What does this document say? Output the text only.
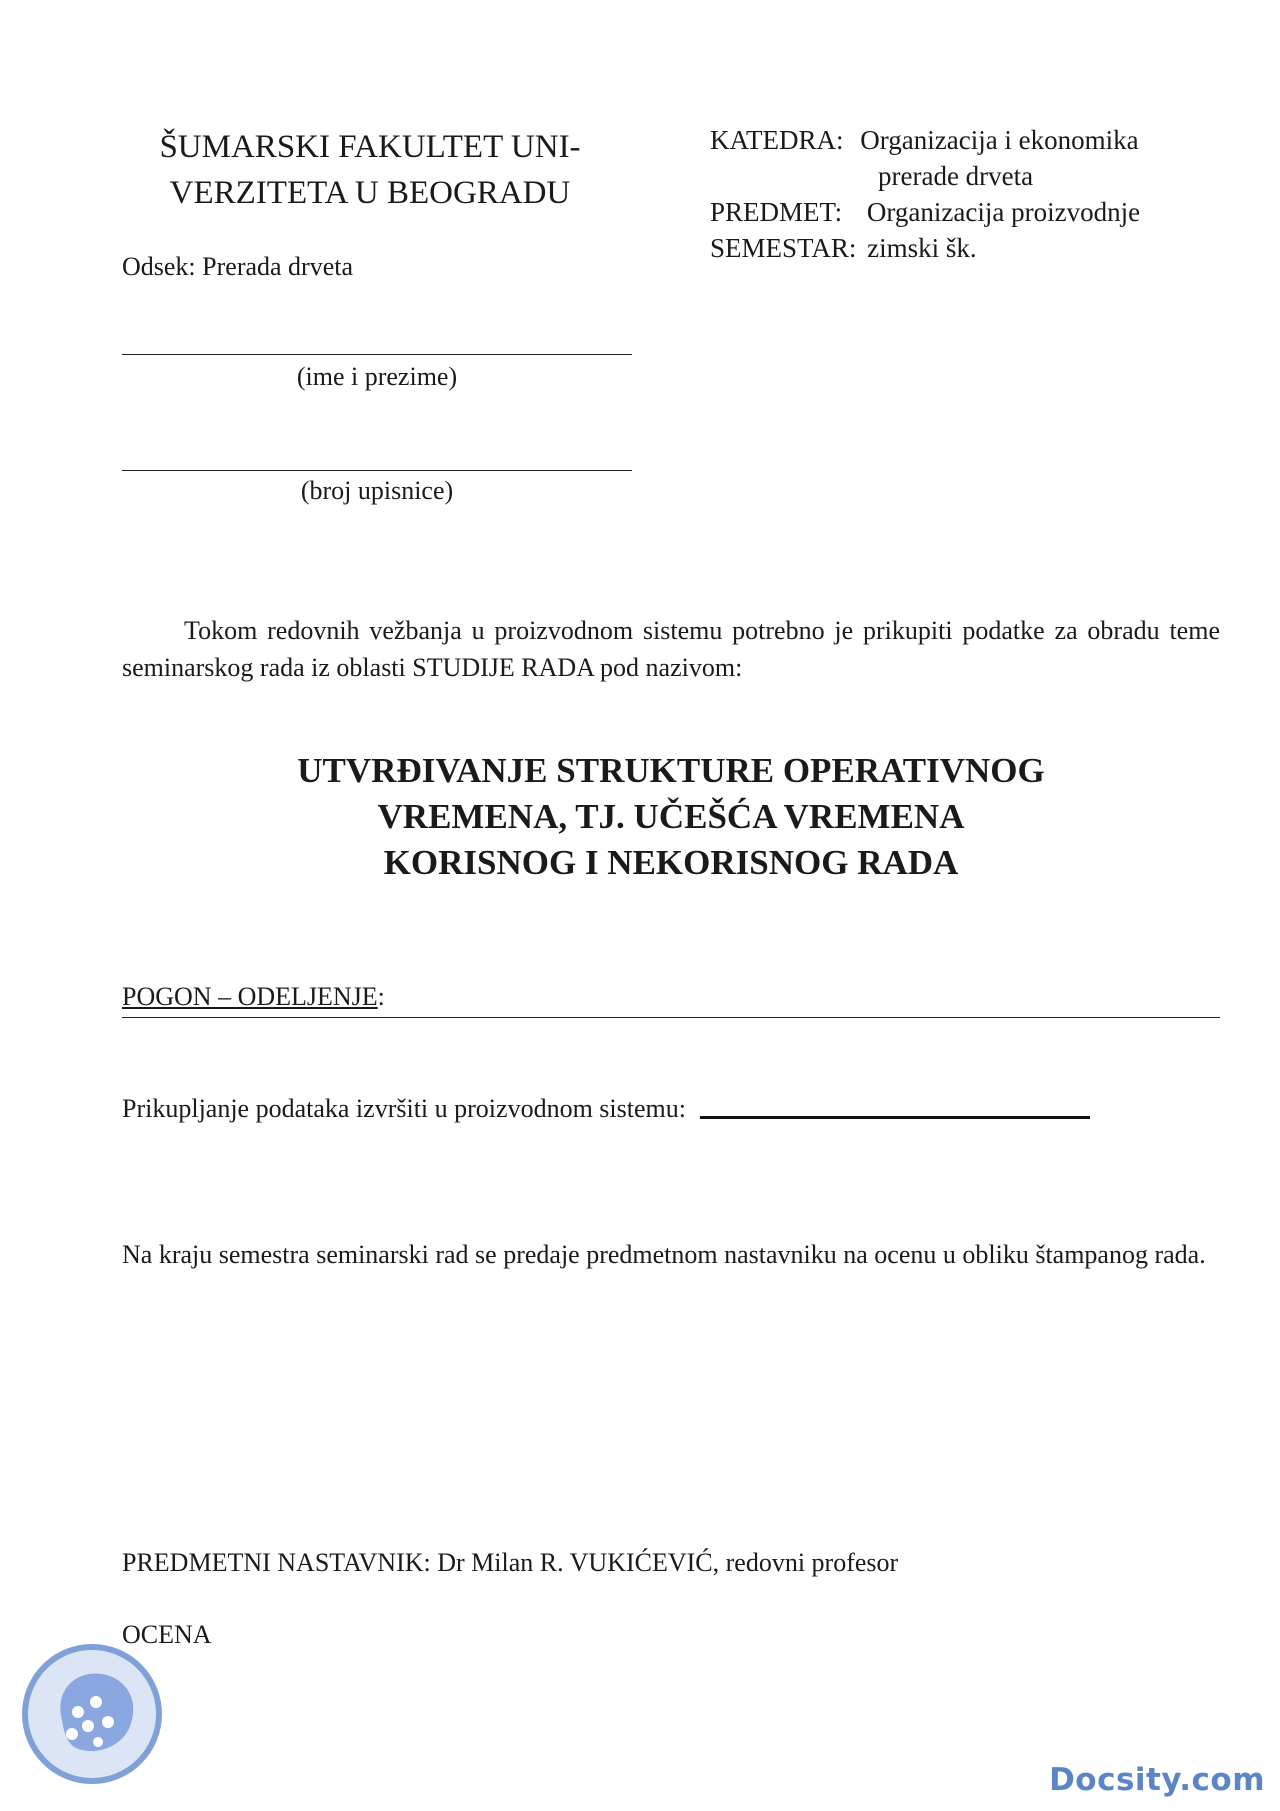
ŠUMARSKI FAKULTET UNI-
VERZITETA U BEOGRADU
Odsek: Prerada drveta
(ime i prezime)
(broj upisnice)
KATEDRA: Organizacija i ekonomika
prerade drveta
PREDMET: Organizacija proizvodnje
SEMESTAR: zimski šk.
Tokom redovnih vežbanja u proizvodnom sistemu potrebno je prikupiti podatke za obradu teme seminarskog rada iz oblasti STUDIJE RADA pod nazivom:
UTVRĐIVANJE STRUKTURE OPERATIVNOG
VREMENA, TJ. UČEŠĆA VREMENA
KORISNOG I NEKORISNOG RADA
POGON – ODELJENJE:
Prikupljanje podataka izvršiti u proizvodnom sistemu:
Na kraju semestra seminarski rad se predaje predmetnom nastavniku na ocenu u obliku štampanog rada.
PREDMETNI NASTAVNIK: Dr Milan R. VUKIĆEVIĆ, redovni profesor
OCENA
Docsity.com
